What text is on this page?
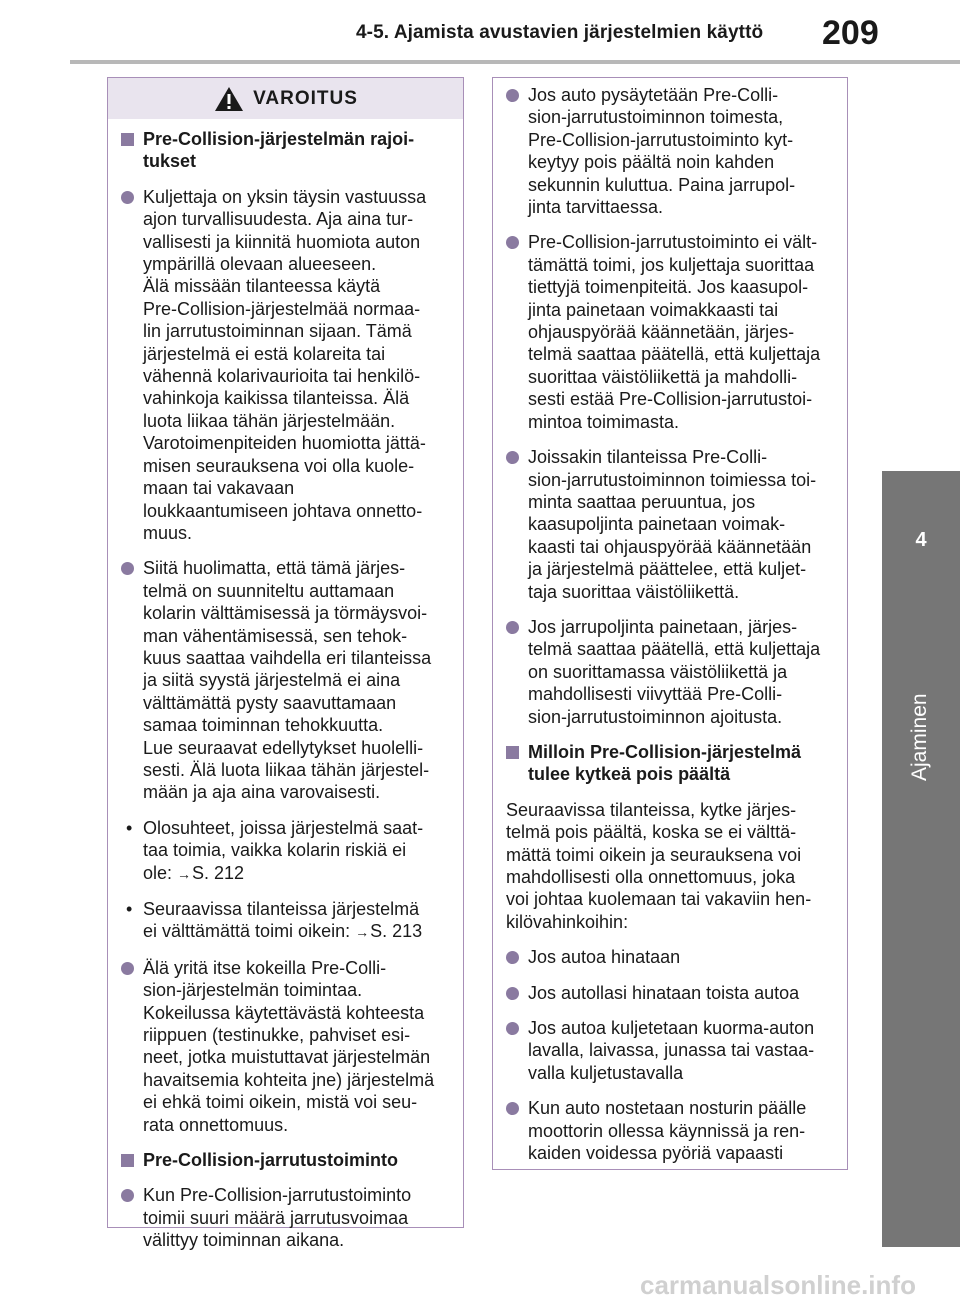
4-5. Ajamista avustavien järjestelmien käyttö 209
4
Ajaminen
VAROITUS
Pre-Collision-järjestelmän rajoi-
tukset
Kuljettaja on yksin täysin vastuussa
ajon turvallisuudesta. Aja aina tur-
vallisesti ja kiinnitä huomiota auton
ympärillä olevaan alueeseen.
Älä missään tilanteessa käytä
Pre-Collision-järjestelmää normaa-
lin jarrutustoiminnan sijaan. Tämä
järjestelmä ei estä kolareita tai
vähennä kolarivaurioita tai henkilö-
vahinkoja kaikissa tilanteissa. Älä
luota liikaa tähän järjestelmään.
Varotoimenpiteiden huomiotta jättä-
misen seurauksena voi olla kuole-
maan tai vakavaan
loukkaantumiseen johtava onnetto-
muus.
Siitä huolimatta, että tämä järjes-
telmä on suunniteltu auttamaan
kolarin välttämisessä ja törmäysvoi-
man vähentämisessä, sen tehok-
kuus saattaa vaihdella eri tilanteissa
ja siitä syystä järjestelmä ei aina
välttämättä pysty saavuttamaan
samaa toiminnan tehokkuutta.
Lue seuraavat edellytykset huolelli-
sesti. Älä luota liikaa tähän järjestel-
mään ja aja aina varovaisesti.
• Olosuhteet, joissa järjestelmä saat-
taa toimia, vaikka kolarin riskiä ei
ole: →S. 212
• Seuraavissa tilanteissa järjestelmä
ei välttämättä toimi oikein: →S. 213
Älä yritä itse kokeilla Pre-Colli-
sion-järjestelmän toimintaa.
Kokeilussa käytettävästä kohteesta
riippuen (testinukke, pahviset esi-
neet, jotka muistuttavat järjestelmän
havaitsemia kohteita jne) järjestelmä
ei ehkä toimi oikein, mistä voi seu-
rata onnettomuus.
Pre-Collision-jarrutustoiminto
Kun Pre-Collision-jarrutustoiminto
toimii suuri määrä jarrutusvoimaa
välittyy toiminnan aikana.
Jos auto pysäytetään Pre-Colli-
sion-jarrutustoiminnon toimesta,
Pre-Collision-jarrutustoiminto kyt-
keytyy pois päältä noin kahden
sekunnin kuluttua. Paina jarrupol-
jinta tarvittaessa.
Pre-Collision-jarrutustoiminto ei vält-
tämättä toimi, jos kuljettaja suorittaa
tiettyjä toimenpiteitä. Jos kaasupol-
jinta painetaan voimakkaasti tai
ohjauspyörää käännetään, järjes-
telmä saattaa päätellä, että kuljettaja
suorittaa väistöliikettä ja mahdolli-
sesti estää Pre-Collision-jarrutustoi-
mintoa toimimasta.
Joissakin tilanteissa Pre-Colli-
sion-jarrutustoiminnon toimiessa toi-
minta saattaa peruuntua, jos
kaasupoljinta painetaan voimak-
kaasti tai ohjauspyörää käännetään
ja järjestelmä päättelee, että kuljet-
taja suorittaa väistöliikettä.
Jos jarrupoljinta painetaan, järjes-
telmä saattaa päätellä, että kuljettaja
on suorittamassa väistöliikettä ja
mahdollisesti viivyttää Pre-Colli-
sion-jarrutustoiminnon ajoitusta.
Milloin Pre-Collision-järjestelmä
tulee kytkeä pois päältä
Seuraavissa tilanteissa, kytke järjes-
telmä pois päältä, koska se ei välttä-
mättä toimi oikein ja seurauksena voi
mahdollisesti olla onnettomuus, joka
voi johtaa kuolemaan tai vakaviin hen-
kilövahinkoihin:
Jos autoa hinataan
Jos autollasi hinataan toista autoa
Jos autoa kuljetetaan kuorma-auton
lavalla, laivassa, junassa tai vastaa-
valla kuljetustavalla
Kun auto nostetaan nosturin päälle
moottorin ollessa käynnissä ja ren-
kaiden voidessa pyöriä vapaasti
carmanualsonline.info
